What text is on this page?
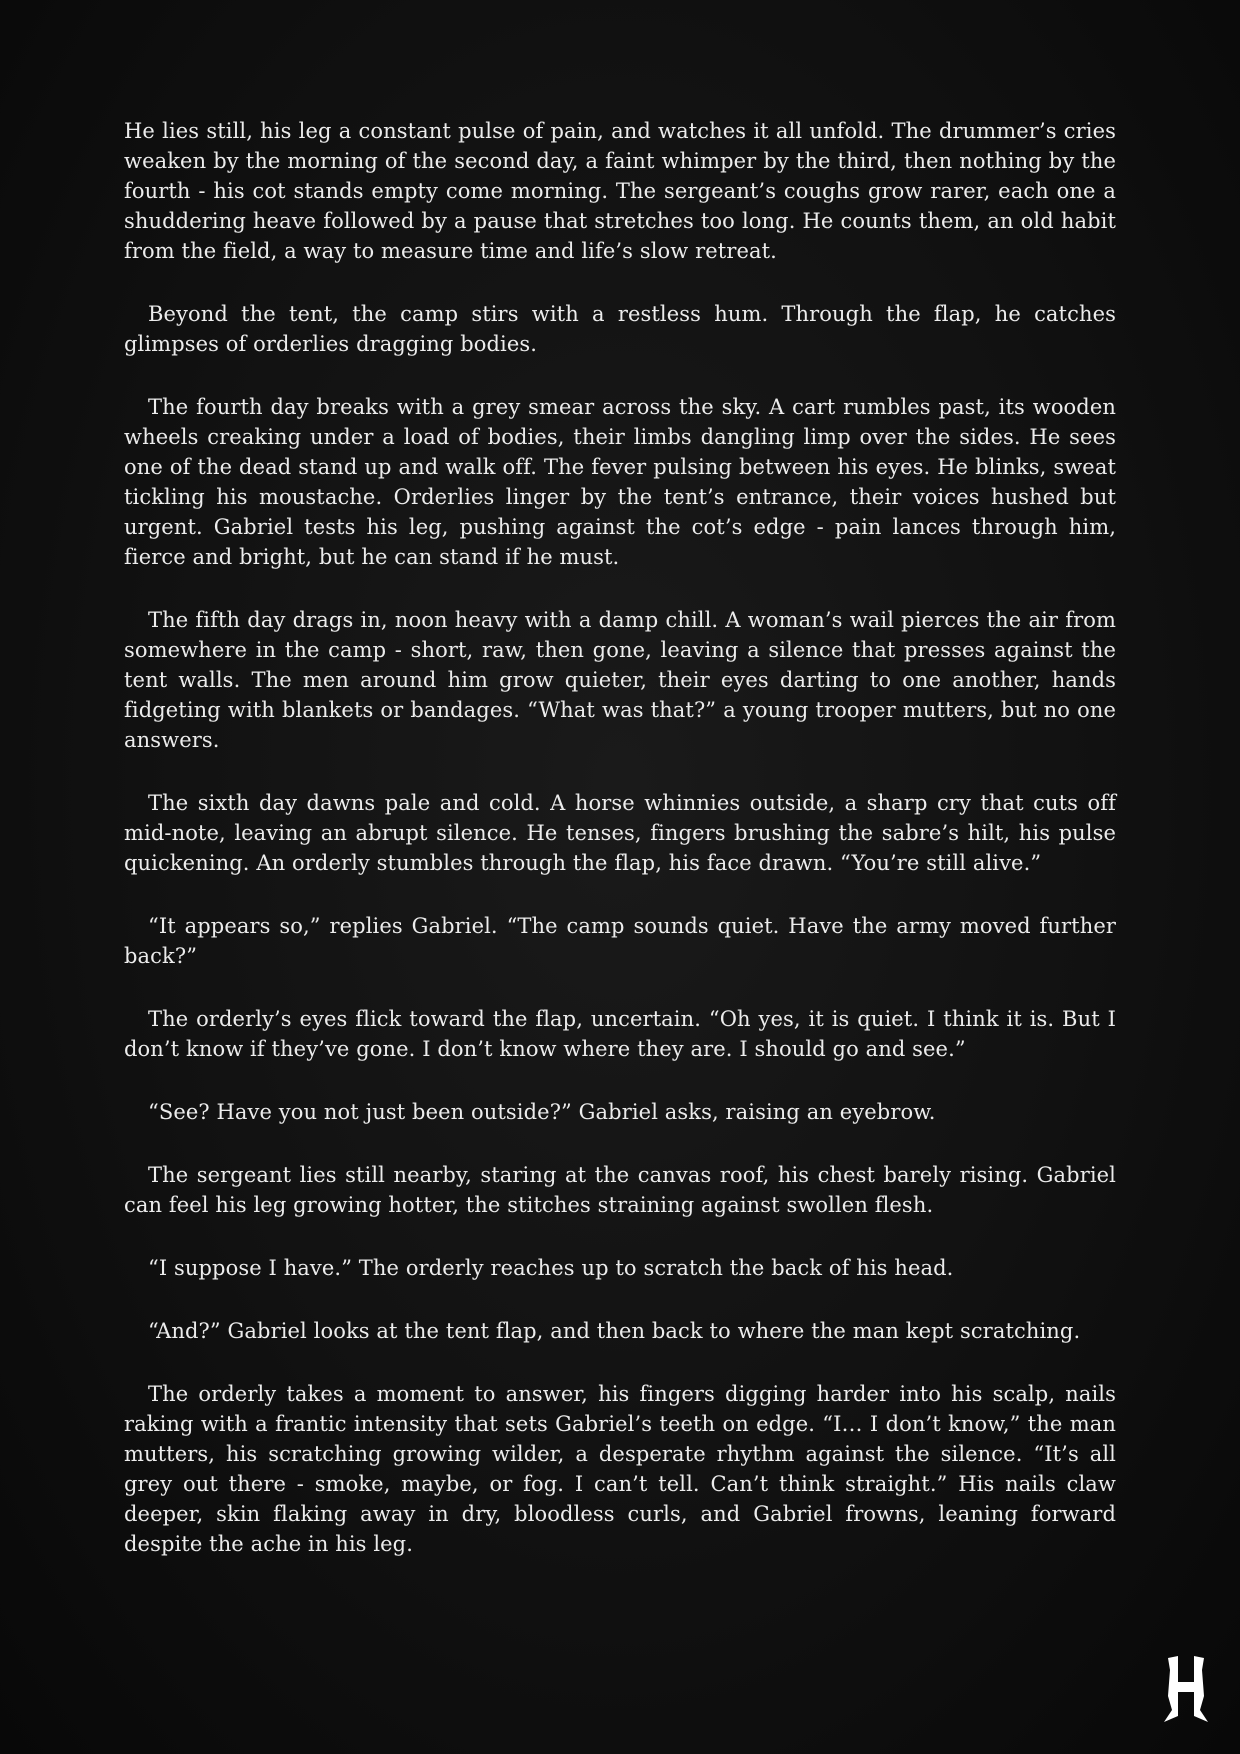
He lies still, his leg a constant pulse of pain, and watches it all unfold. The drummer’s cries weaken by the morning of the second day, a faint whimper by the third, then nothing by the fourth - his cot stands empty come morning. The sergeant’s coughs grow rarer, each one a shuddering heave followed by a pause that stretches too long. He counts them, an old habit from the field, a way to measure time and life’s slow retreat.

Beyond the tent, the camp stirs with a restless hum. Through the flap, he catches glimpses of orderlies dragging bodies.

The fourth day breaks with a grey smear across the sky. A cart rumbles past, its wooden wheels creaking under a load of bodies, their limbs dangling limp over the sides. He sees one of the dead stand up and walk off. The fever pulsing between his eyes. He blinks, sweat tickling his moustache. Orderlies linger by the tent’s entrance, their voices hushed but urgent. Gabriel tests his leg, pushing against the cot’s edge - pain lances through him, fierce and bright, but he can stand if he must.

The fifth day drags in, noon heavy with a damp chill. A woman’s wail pierces the air from somewhere in the camp - short, raw, then gone, leaving a silence that presses against the tent walls. The men around him grow quieter, their eyes darting to one another, hands fidgeting with blankets or bandages. “What was that?” a young trooper mutters, but no one answers.

The sixth day dawns pale and cold. A horse whinnies outside, a sharp cry that cuts off mid-note, leaving an abrupt silence. He tenses, fingers brushing the sabre’s hilt, his pulse quickening. An orderly stumbles through the flap, his face drawn. “You’re still alive.”

“It appears so,” replies Gabriel. “The camp sounds quiet. Have the army moved further back?”

The orderly’s eyes flick toward the flap, uncertain. “Oh yes, it is quiet. I think it is. But I don’t know if they’ve gone. I don’t know where they are. I should go and see.”

“See? Have you not just been outside?” Gabriel asks, raising an eyebrow.

The sergeant lies still nearby, staring at the canvas roof, his chest barely rising. Gabriel can feel his leg growing hotter, the stitches straining against swollen flesh.

“I suppose I have.” The orderly reaches up to scratch the back of his head.

“And?” Gabriel looks at the tent flap, and then back to where the man kept scratching.

The orderly takes a moment to answer, his fingers digging harder into his scalp, nails raking with a frantic intensity that sets Gabriel’s teeth on edge. “I… I don’t know,” the man mutters, his scratching growing wilder, a desperate rhythm against the silence. “It’s all grey out there - smoke, maybe, or fog. I can’t tell. Can’t think straight.” His nails claw deeper, skin flaking away in dry, bloodless curls, and Gabriel frowns, leaning forward despite the ache in his leg.
